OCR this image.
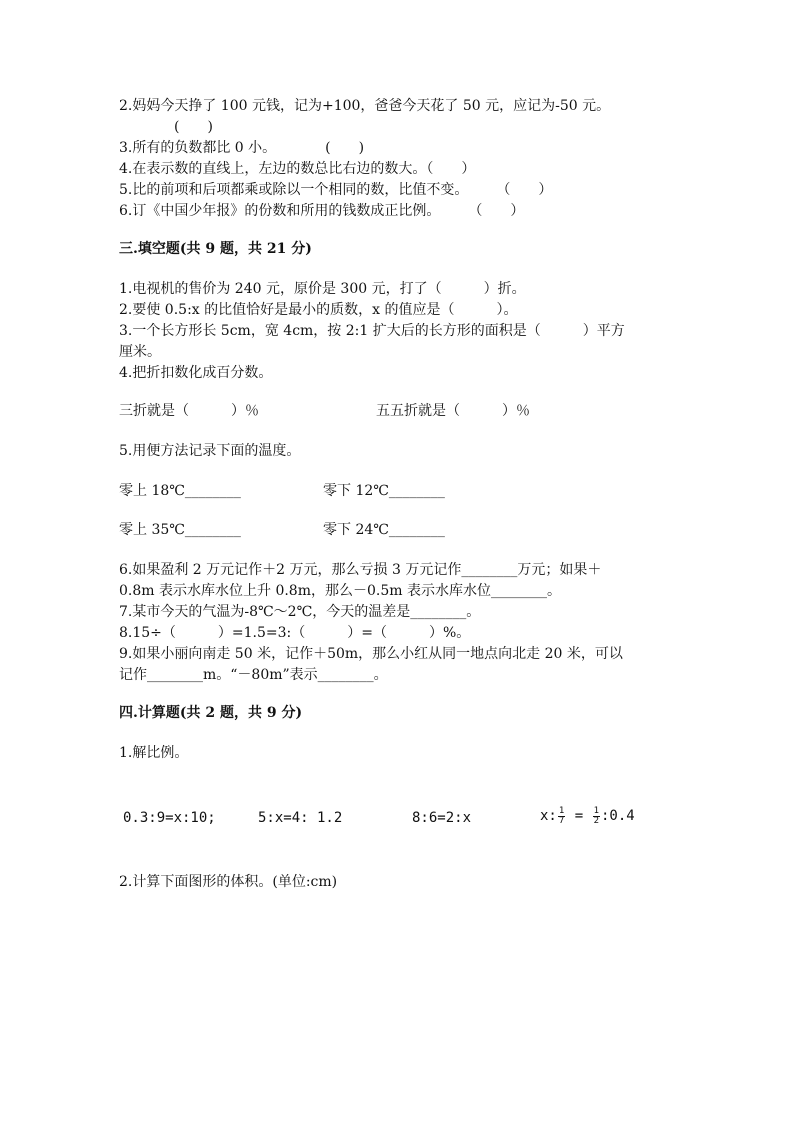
2.妈妈今天挣了 100 元钱，记为+100，爸爸今天花了 50 元，应记为-50 元。
(　　)
3.所有的负数都比 0 小。　　　　(　　)
4.在表示数的直线上，左边的数总比右边的数大。（　　）
5.比的前项和后项都乘或除以一个相同的数，比值不变。　　　（　　）
6.订《中国少年报》的份数和所用的钱数成正比例。　　　（　　）
三.填空题(共 9 题，共 21 分)
1.电视机的售价为 240 元，原价是 300 元，打了（　　　）折。
2.要使 0.5:x 的比值恰好是最小的质数，x 的值应是（　　　）。
3.一个长方形长 5cm，宽 4cm，按 2:1 扩大后的长方形的面积是（　　　）平方
厘米。
4.把折扣数化成百分数。
三折就是（　　　）％	五五折就是（　　　）％
5.用便方法记录下面的温度。
零上 18℃________	零下 12℃________
零上 35℃________	零下 24℃________
6.如果盈利 2 万元记作＋2 万元，那么亏损 3 万元记作________万元；如果＋
0.8m 表示水库水位上升 0.8m，那么－0.5m 表示水库水位________。
7.某市今天的气温为-8℃～2℃，今天的温差是________。
8.15÷（　　　）=1.5=3:（　　　）=（　　　）%。
9.如果小丽向南走 50 米，记作＋50m，那么小红从同一地点向北走 20 米，可以
记作________m。“－80m”表示________。
四.计算题(共 2 题，共 9 分)
1.解比例。
0.3:9=x:10;	5:x=4: 1.2	8:6=2:x	x: $\frac{1}{7} = \frac{1}{2}$ :0.4
2.计算下面图形的体积。(单位:cm)
